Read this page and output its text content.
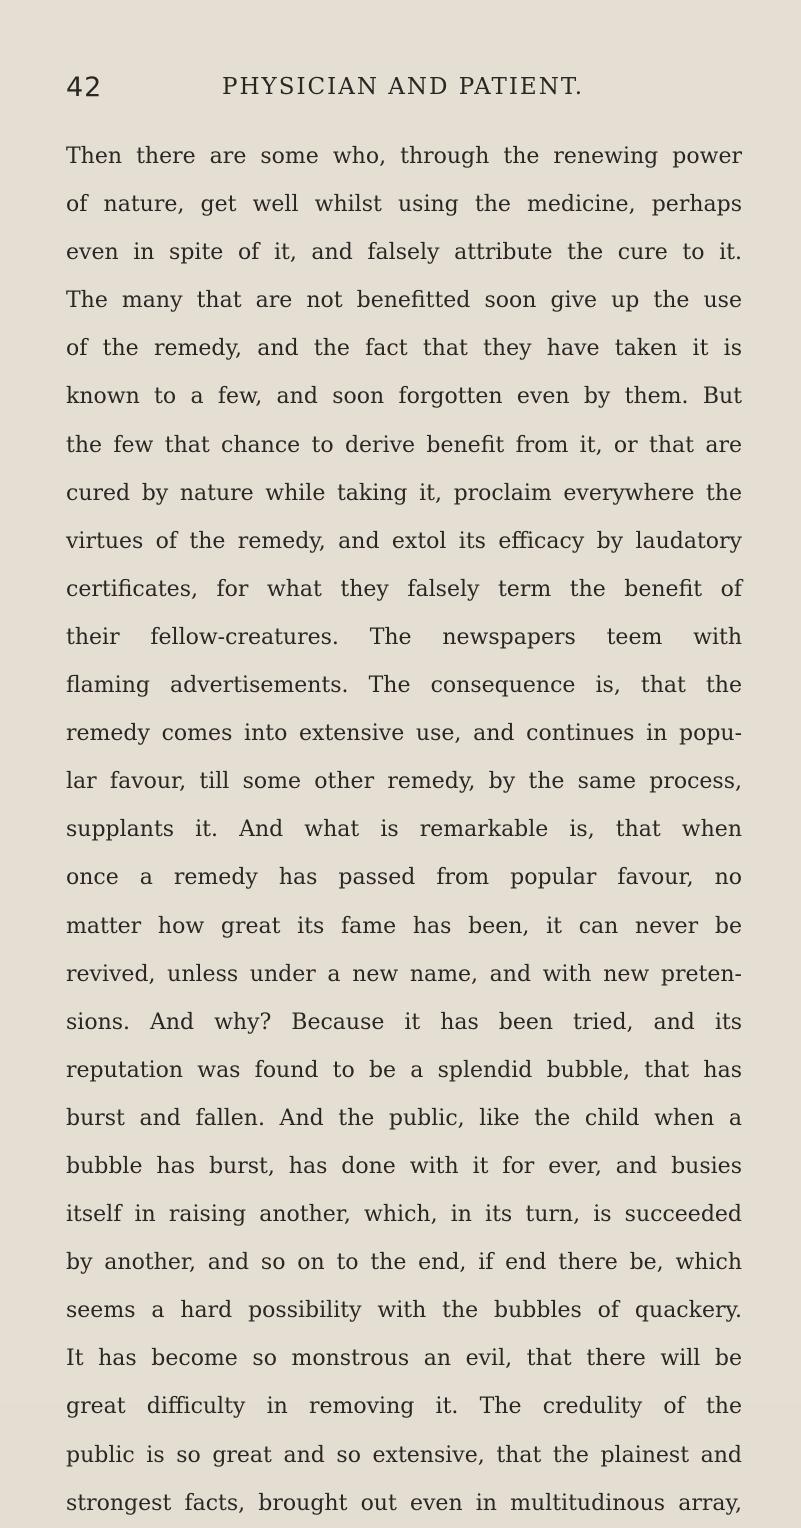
42	PHYSICIAN AND PATIENT.
Then there are some who, through the renewing power
of nature, get well whilst using the medicine, perhaps
even in spite of it, and falsely attribute the cure to it.
The many that are not benefitted soon give up the use
of the remedy, and the fact that they have taken it is
known to a few, and soon forgotten even by them. But
the few that chance to derive benefit from it, or that are
cured by nature while taking it, proclaim everywhere the
virtues of the remedy, and extol its efficacy by laudatory
certificates, for what they falsely term the benefit of
their fellow-creatures. The newspapers teem with
flaming advertisements. The consequence is, that the
remedy comes into extensive use, and continues in popu-
lar favour, till some other remedy, by the same process,
supplants it. And what is remarkable is, that when
once a remedy has passed from popular favour, no
matter how great its fame has been, it can never be
revived, unless under a new name, and with new preten-
sions. And why? Because it has been tried, and its
reputation was found to be a splendid bubble, that has
burst and fallen. And the public, like the child when a
bubble has burst, has done with it for ever, and busies
itself in raising another, which, in its turn, is succeeded
by another, and so on to the end, if end there be, which
seems a hard possibility with the bubbles of quackery.
It has become so monstrous an evil, that there will be
great difficulty in removing it. The credulity of the
public is so great and so extensive, that the plainest and
strongest facts, brought out even in multitudinous array,
